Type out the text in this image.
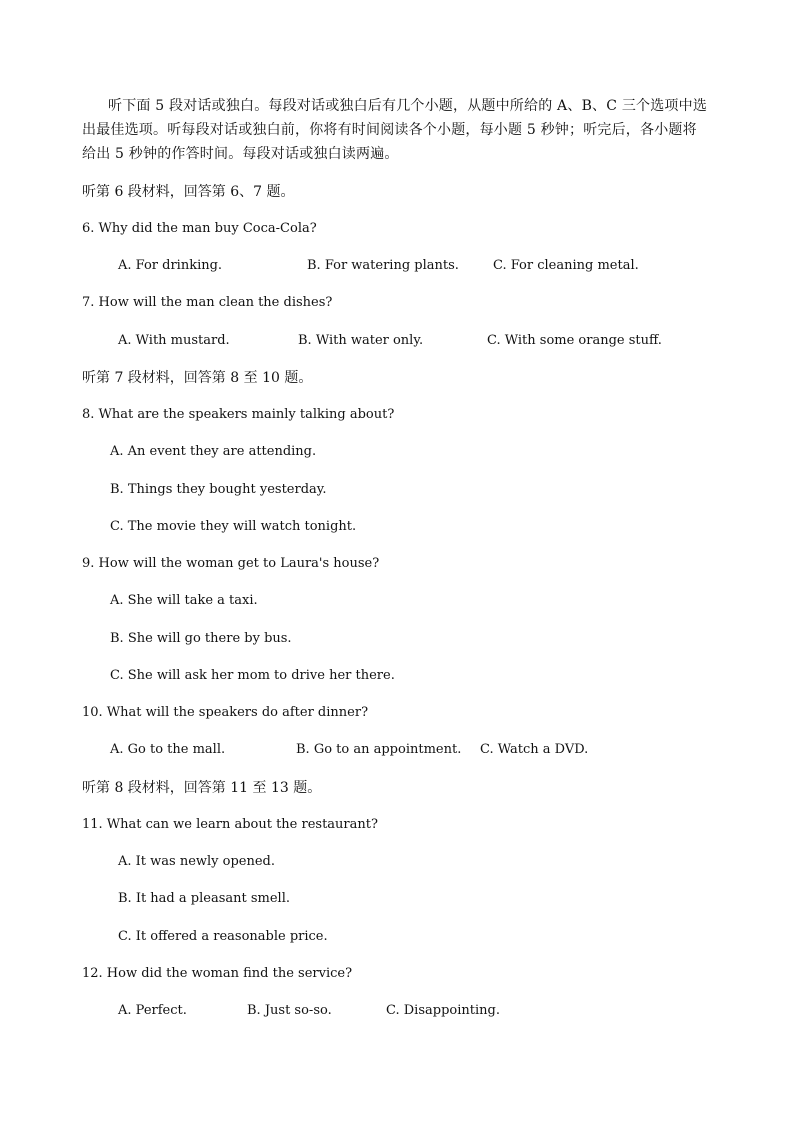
听下面 5 段对话或独白。每段对话或独白后有几个小题，从题中所给的 A、B、C 三个选项中选
出最佳选项。听每段对话或独白前，你将有时间阅读各个小题，每小题 5 秒钟；听完后，各小题将
给出 5 秒钟的作答时间。每段对话或独白读两遍。
听第 6 段材料，回答第 6、7 题。
6. Why did the man buy Coca-Cola?
A. For drinking.	B. For watering plants.	C. For cleaning metal.
7. How will the man clean the dishes?
A. With mustard.	B. With water only.	C. With some orange stuff.
听第 7 段材料，回答第 8 至 10 题。
8. What are the speakers mainly talking about?
A. An event they are attending.
B. Things they bought yesterday.
C. The movie they will watch tonight.
9. How will the woman get to Laura's house?
A. She will take a taxi.
B. She will go there by bus.
C. She will ask her mom to drive her there.
10. What will the speakers do after dinner?
A. Go to the mall.	B. Go to an appointment. C. Watch a DVD.
听第 8 段材料，回答第 11 至 13 题。
11. What can we learn about the restaurant?
A. It was newly opened.
B. It had a pleasant smell.
C. It offered a reasonable price.
12. How did the woman find the service?
A. Perfect.	B. Just so-so.	C. Disappointing.
